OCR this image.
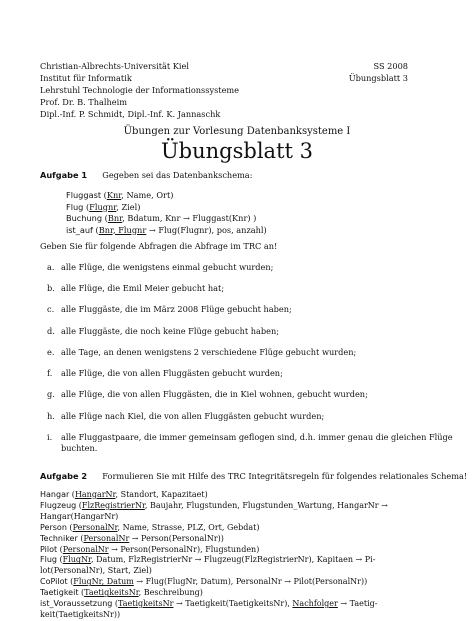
Christian-Albrechts-Universität Kiel
Institut für Informatik
Lehrstuhl Technologie der Informationssysteme
Prof. Dr. B. Thalheim
Dipl.-Inf. P. Schmidt, Dipl.-Inf. K. Jannaschk
SS 2008
Übungsblatt 3
Übungen zur Vorlesung Datenbanksysteme I
Übungsblatt 3
Aufgabe 1 Gegeben sei das Datenbankschema:
Fluggast (Knr, Name, Ort)
Flug (Flugnr, Ziel)
Buchung (Bnr, Bdatum, Knr → Fluggast(Knr) )
ist_auf (Bnr, Flugnr → Flug(Flugnr), pos, anzahl)
Geben Sie für folgende Abfragen die Abfrage im TRC an!
a. alle Flüge, die wenigstens einmal gebucht wurden;
b. alle Flüge, die Emil Meier gebucht hat;
c. alle Fluggäste, die im März 2008 Flüge gebucht haben;
d. alle Fluggäste, die noch keine Flüge gebucht haben;
e. alle Tage, an denen wenigstens 2 verschiedene Flüge gebucht wurden;
f. alle Flüge, die von allen Fluggästen gebucht wurden;
g. alle Flüge, die von allen Fluggästen, die in Kiel wohnen, gebucht wurden;
h. alle Flüge nach Kiel, die von allen Fluggästen gebucht wurden;
i. alle Fluggastpaare, die immer gemeinsam geflogen sind, d.h. immer genau die gleichen Flüge
buchten.
Aufgabe 2 Formulieren Sie mit Hilfe des TRC Integritätsregeln für folgendes relationales Schema!
Hangar (HangarNr, Standort, Kapazitaet)
Flugzeug (FlzRegistrierNr, Baujahr, Flugstunden, Flugstunden_Wartung, HangarNr →
Hangar(HangarNr)
Person (PersonalNr, Name, Strasse, PLZ, Ort, Gebdat)
Techniker (PersonalNr → Person(PersonalNr))
Pilot (PersonalNr → Person(PersonalNr), Flugstunden)
Flug (FlugNr, Datum, FlzRegistrierNr → Flugzeug(FlzRegistrierNr), Kapitaen → Pi-
lot(PersonalNr), Start, Ziel)
CoPilot (FlugNr, Datum → Flug(FlugNr, Datum), PersonalNr → Pilot(PersonalNr))
Taetigkeit (TaetigkeitsNr, Beschreibung)
ist_Voraussetzung (TaetigkeitsNr → Taetigkeit(TaetigkeitsNr), Nachfolger → Taetig-
keit(TaetigkeitsNr))
